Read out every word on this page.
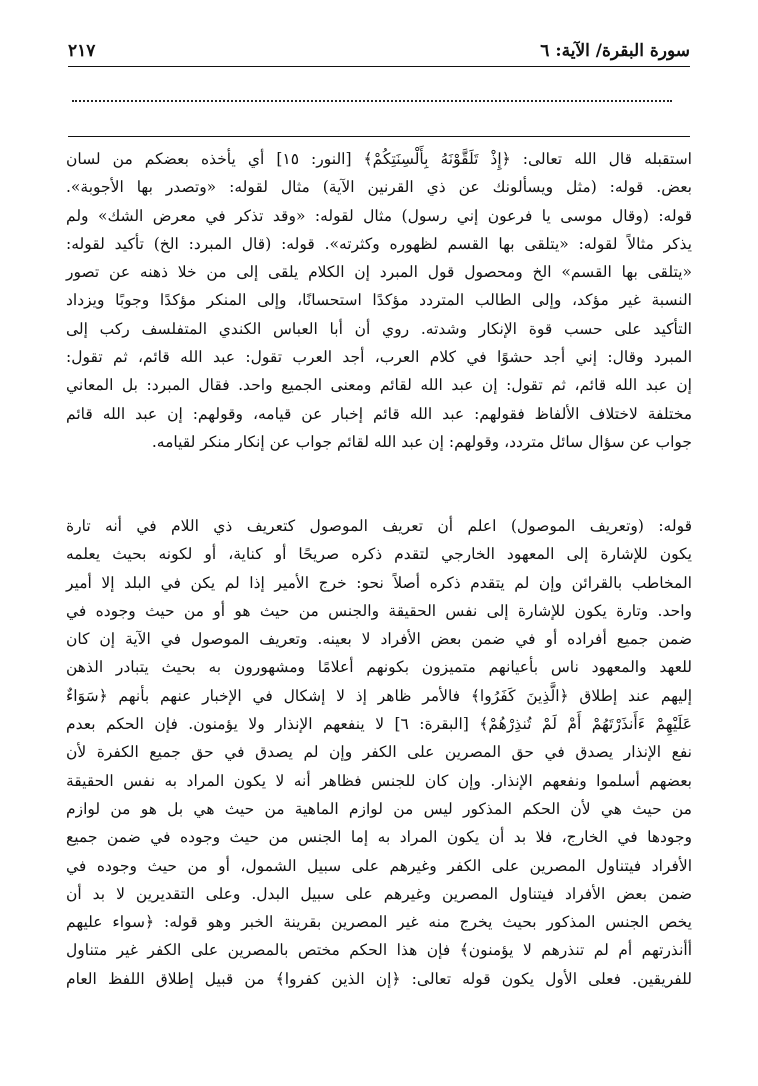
سورة البقرة/ الآية: ٦
٢١٧
استقبله قال الله تعالى: ﴿إِذْ تَلَقَّوْنَهُ بِأَلْسِنَتِكُمْ﴾ [النور: ١٥] أي يأخذه بعضكم من لسان
بعض. قوله: (مثل ويسألونك عن ذي القرنين الآية) مثال لقوله: «وتصدر بها الأجوبة».
قوله: (وقال موسى يا فرعون إني رسول) مثال لقوله: «وقد تذكر في معرض الشك» ولم
يذكر مثالاً لقوله: «يتلقى بها القسم لظهوره وكثرته». قوله: (قال المبرد: الخ) تأكيد لقوله:
«يتلقى بها القسم» الخ ومحصول قول المبرد إن الكلام يلقى إلى من خلا ذهنه عن تصور
النسبة غير مؤكد، وإلى الطالب المتردد مؤكدًا استحسانًا، وإلى المنكر مؤكدًا وجوبًا ويزداد
التأكيد على حسب قوة الإنكار وشدته. روي أن أبا العباس الكندي المتفلسف ركب إلى
المبرد وقال: إني أجد حشوًا في كلام العرب، أجد العرب تقول: عبد الله قائم، ثم تقول:
إن عبد الله قائم، ثم تقول: إن عبد الله لقائم ومعنى الجميع واحد. فقال المبرد: بل المعاني
مختلفة لاختلاف الألفاظ فقولهم: عبد الله قائم إخبار عن قيامه، وقولهم: إن عبد الله قائم
جواب عن سؤال سائل متردد، وقولهم: إن عبد الله لقائم جواب عن إنكار منكر لقيامه.
قوله: (وتعريف الموصول) اعلم أن تعريف الموصول كتعريف ذي اللام في أنه تارة
يكون للإشارة إلى المعهود الخارجي لتقدم ذكره صريحًا أو كناية، أو لكونه بحيث يعلمه
المخاطب بالقرائن وإن لم يتقدم ذكره أصلاً نحو: خرج الأمير إذا لم يكن في البلد إلا أمير
واحد. وتارة يكون للإشارة إلى نفس الحقيقة والجنس من حيث هو أو من حيث وجوده في
ضمن جميع أفراده أو في ضمن بعض الأفراد لا بعينه. وتعريف الموصول في الآية إن كان
للعهد والمعهود ناس بأعيانهم متميزون بكونهم أعلامًا ومشهورون به بحيث يتبادر الذهن
إليهم عند إطلاق ﴿الَّذِينَ كَفَرُوا﴾ فالأمر ظاهر إذ لا إشكال في الإخبار عنهم بأنهم ﴿سَوَاءٌ
عَلَيْهِمْ ءَأَنذَرْتَهُمْ أَمْ لَمْ تُنذِرْهُمْ﴾ [البقرة: ٦] لا ينفعهم الإنذار ولا يؤمنون. فإن الحكم بعدم
نفع الإنذار يصدق في حق المصرين على الكفر وإن لم يصدق في حق جميع الكفرة لأن
بعضهم أسلموا ونفعهم الإنذار. وإن كان للجنس فظاهر أنه لا يكون المراد به نفس الحقيقة
من حيث هي لأن الحكم المذكور ليس من لوازم الماهية من حيث هي بل هو من لوازم
وجودها في الخارج، فلا بد أن يكون المراد به إما الجنس من حيث وجوده في ضمن جميع
الأفراد فيتناول المصرين على الكفر وغيرهم على سبيل الشمول، أو من حيث وجوده في
ضمن بعض الأفراد فيتناول المصرين وغيرهم على سبيل البدل. وعلى التقديرين لا بد أن
يخص الجنس المذكور بحيث يخرج منه غير المصرين بقرينة الخبر وهو قوله: ﴿سواء عليهم
أأنذرتهم أم لم تنذرهم لا يؤمنون﴾ فإن هذا الحكم مختص بالمصرين على الكفر غير متناول
للفريقين. فعلى الأول يكون قوله تعالى: ﴿إن الذين كفروا﴾ من قبيل إطلاق اللفظ العام
